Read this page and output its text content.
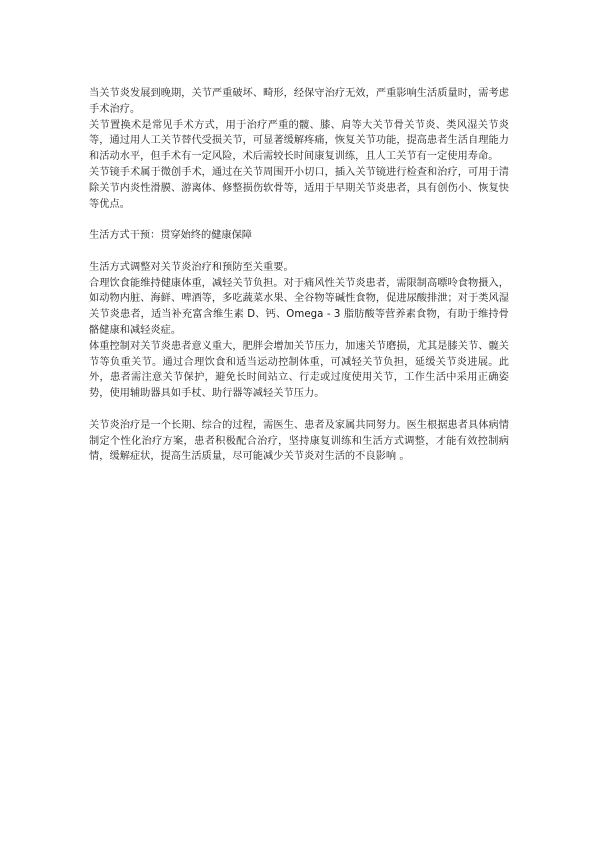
当关节炎发展到晚期，关节严重破坏、畸形，经保守治疗无效，严重影响生活质量时，需考虑手术治疗。

关节置换术是常见手术方式，用于治疗严重的髋、膝、肩等大关节骨关节炎、类风湿关节炎等，通过用人工关节替代受损关节，可显著缓解疼痛，恢复关节功能，提高患者生活自理能力和活动水平，但手术有一定风险，术后需较长时间康复训练，且人工关节有一定使用寿命。

关节镜手术属于微创手术，通过在关节周围开小切口，插入关节镜进行检查和治疗，可用于清除关节内炎性滑膜、游离体、修整损伤软骨等，适用于早期关节炎患者，具有创伤小、恢复快等优点。

生活方式干预：贯穿始终的健康保障

生活方式调整对关节炎治疗和预防至关重要。

合理饮食能维持健康体重，减轻关节负担。对于痛风性关节炎患者，需限制高嘌呤食物摄入，如动物内脏、海鲜、啤酒等，多吃蔬菜水果、全谷物等碱性食物，促进尿酸排泄；对于类风湿关节炎患者，适当补充富含维生素 D、钙、Omega - 3 脂肪酸等营养素食物，有助于维持骨骼健康和减轻炎症。

体重控制对关节炎患者意义重大，肥胖会增加关节压力，加速关节磨损，尤其是膝关节、髋关节等负重关节。通过合理饮食和适当运动控制体重，可减轻关节负担，延缓关节炎进展。此外，患者需注意关节保护，避免长时间站立、行走或过度使用关节，工作生活中采用正确姿势，使用辅助器具如手杖、助行器等减轻关节压力。

关节炎治疗是一个长期、综合的过程，需医生、患者及家属共同努力。医生根据患者具体病情制定个性化治疗方案，患者积极配合治疗，坚持康复训练和生活方式调整，才能有效控制病情，缓解症状，提高生活质量，尽可能减少关节炎对生活的不良影响 。
